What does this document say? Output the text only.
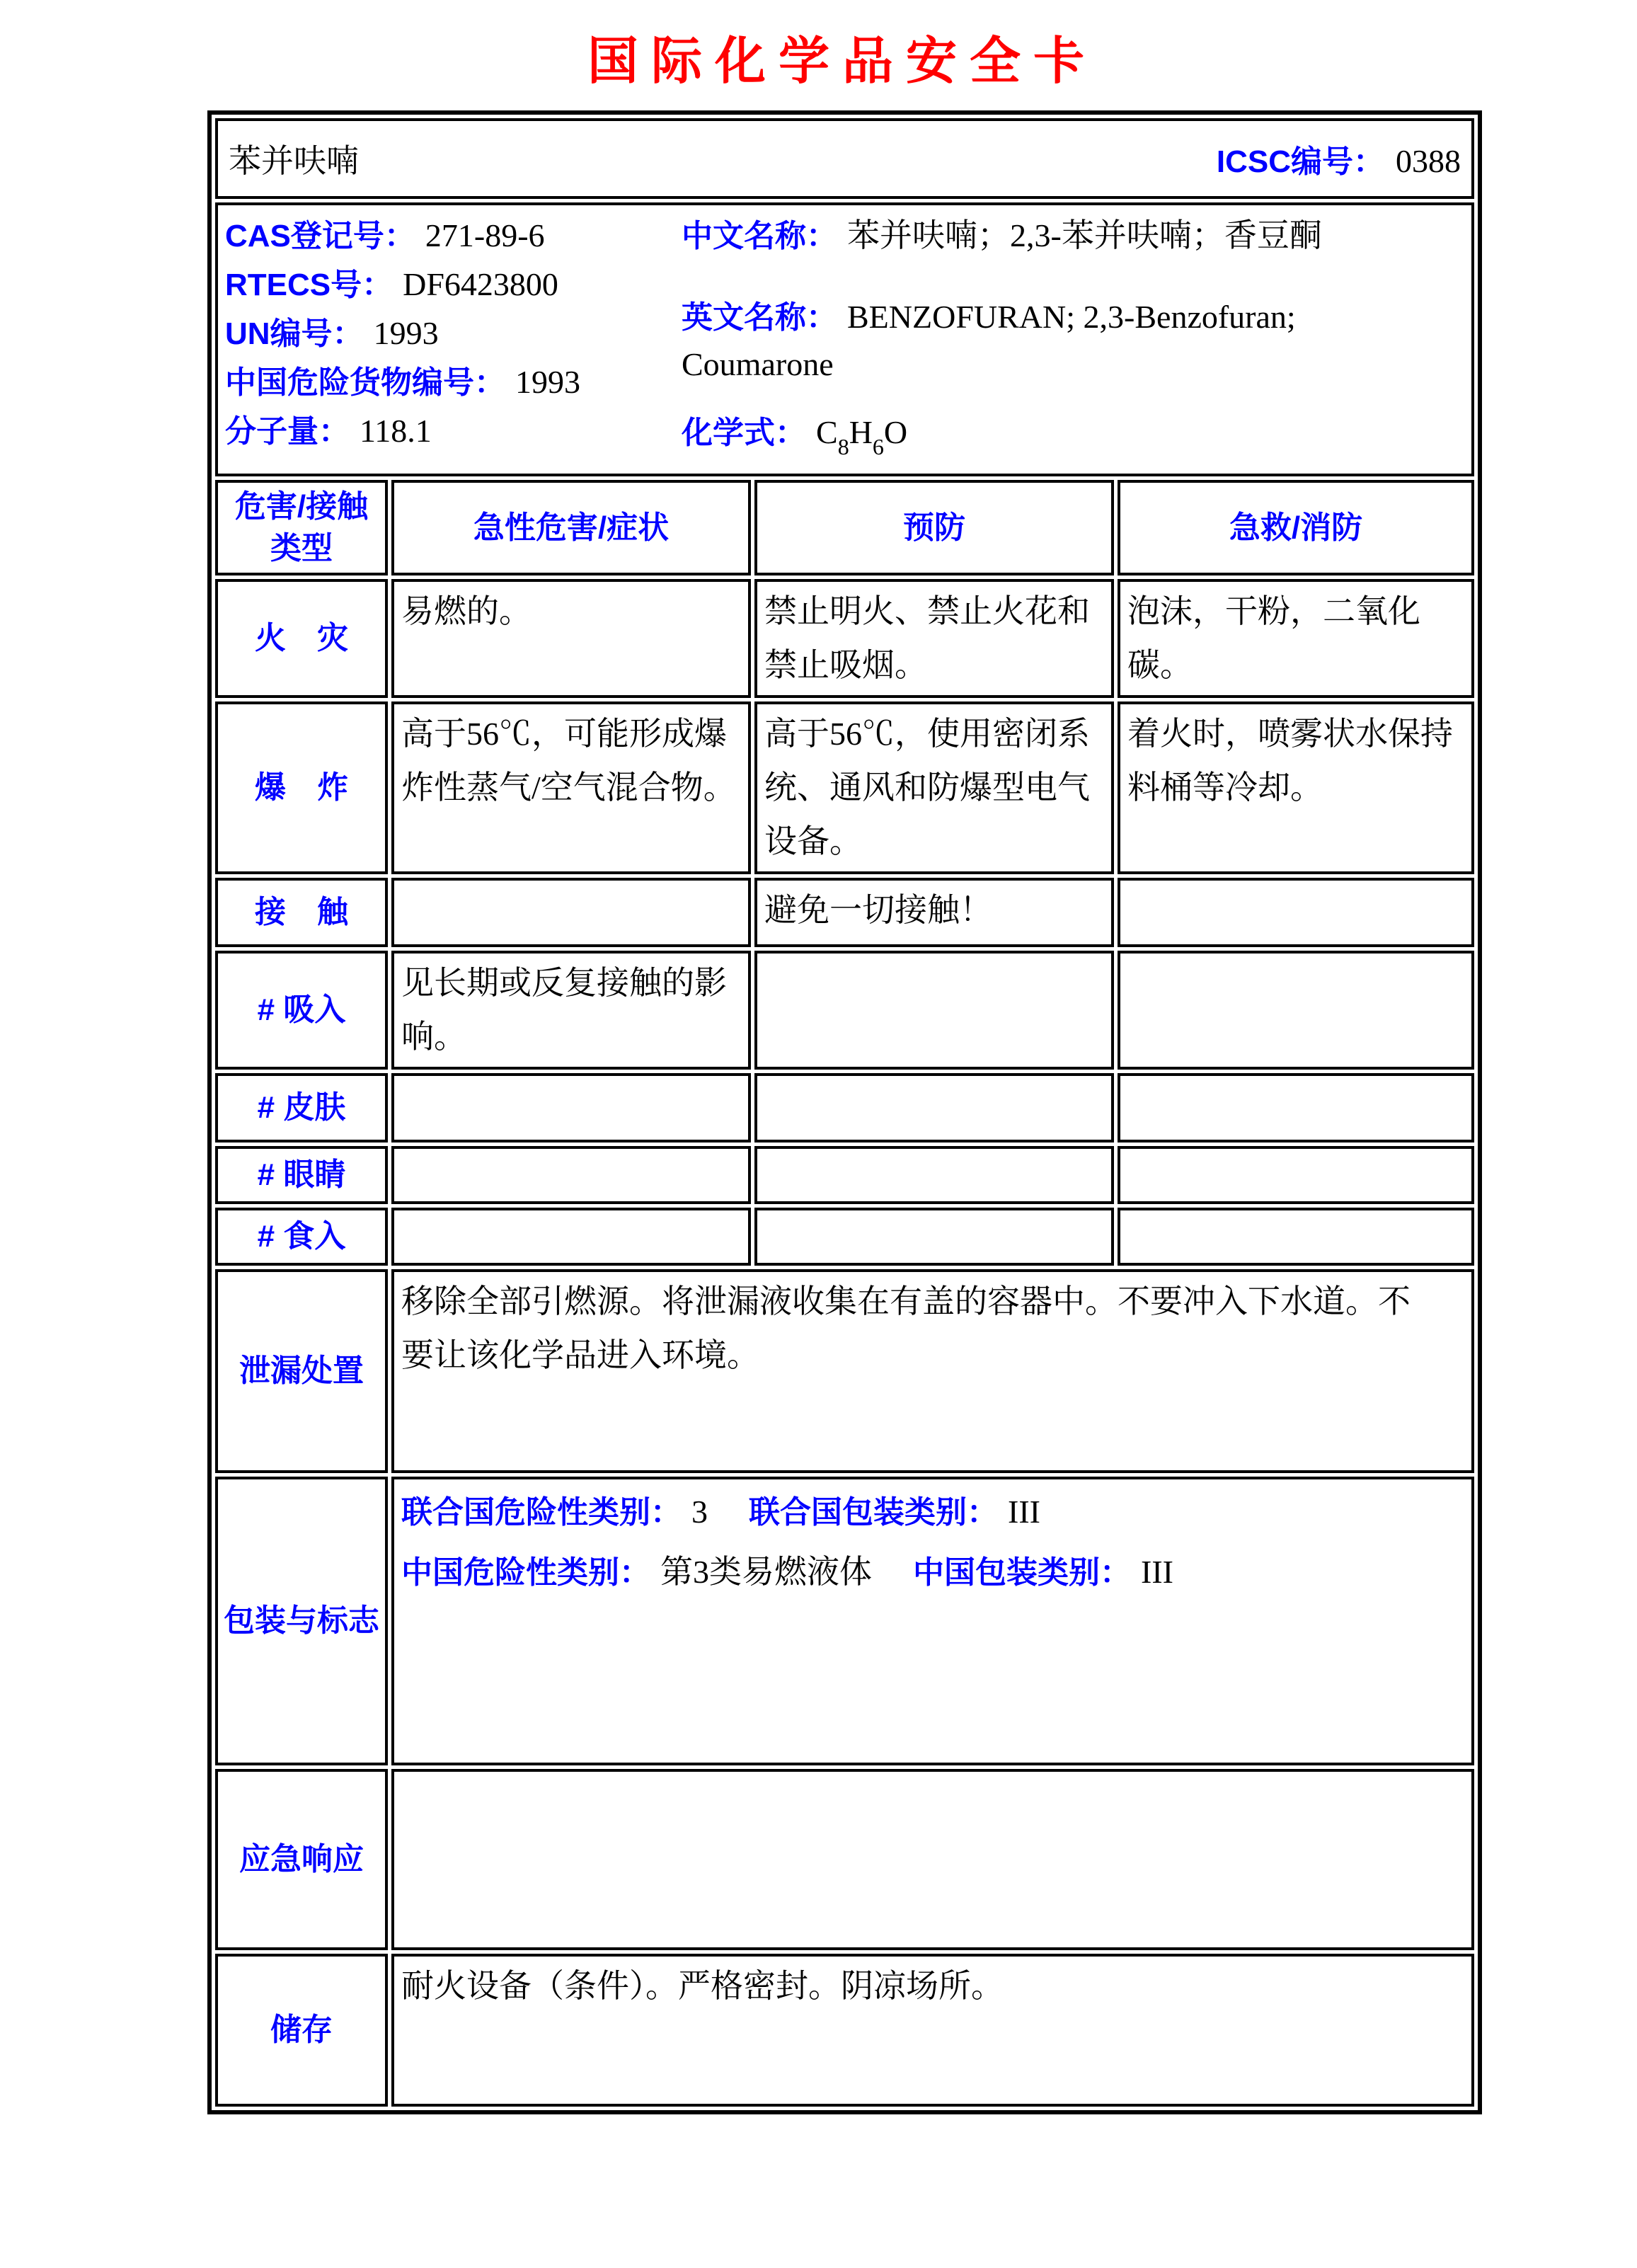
国际化学品安全卡
苯并呋喃 ICSC编号： 0388			

CAS登记号： 271-89-6
RTECS号： DF6423800
UN编号： 1993
中国危险货物编号： 1993
分子量： 118.1
中文名称： 苯并呋喃；2,3-苯并呋喃；香豆酮
英文名称： BENZOFURAN; 2,3-Benzofuran; Coumarone
化学式： $C_8H_6O$

危害/接触类型	急性危害/症状	预防	急救/消防
火　灾	易燃的。	禁止明火、禁止火花和禁止吸烟。	泡沫，干粉，二氧化碳。
爆　炸	高于56℃，可能形成爆炸性蒸气/空气混合物。	高于56℃，使用密闭系统、通风和防爆型电气设备。	着火时，喷雾状水保持料桶等冷却。
接　触		避免一切接触！	
# 吸入	见长期或反复接触的影响。		
# 皮肤			
# 眼睛			
# 食入			
泄漏处置	移除全部引燃源。将泄漏液收集在有盖的容器中。不要冲入下水道。不要让该化学品进入环境。		

包装与标志	联合国危险性类别： 3 联合国包装类别： III
中国危险性类别： 第3类易燃液体 中国包装类别： III		

应急响应			
储存	耐火设备（条件）。严格密封。阴凉场所。		
